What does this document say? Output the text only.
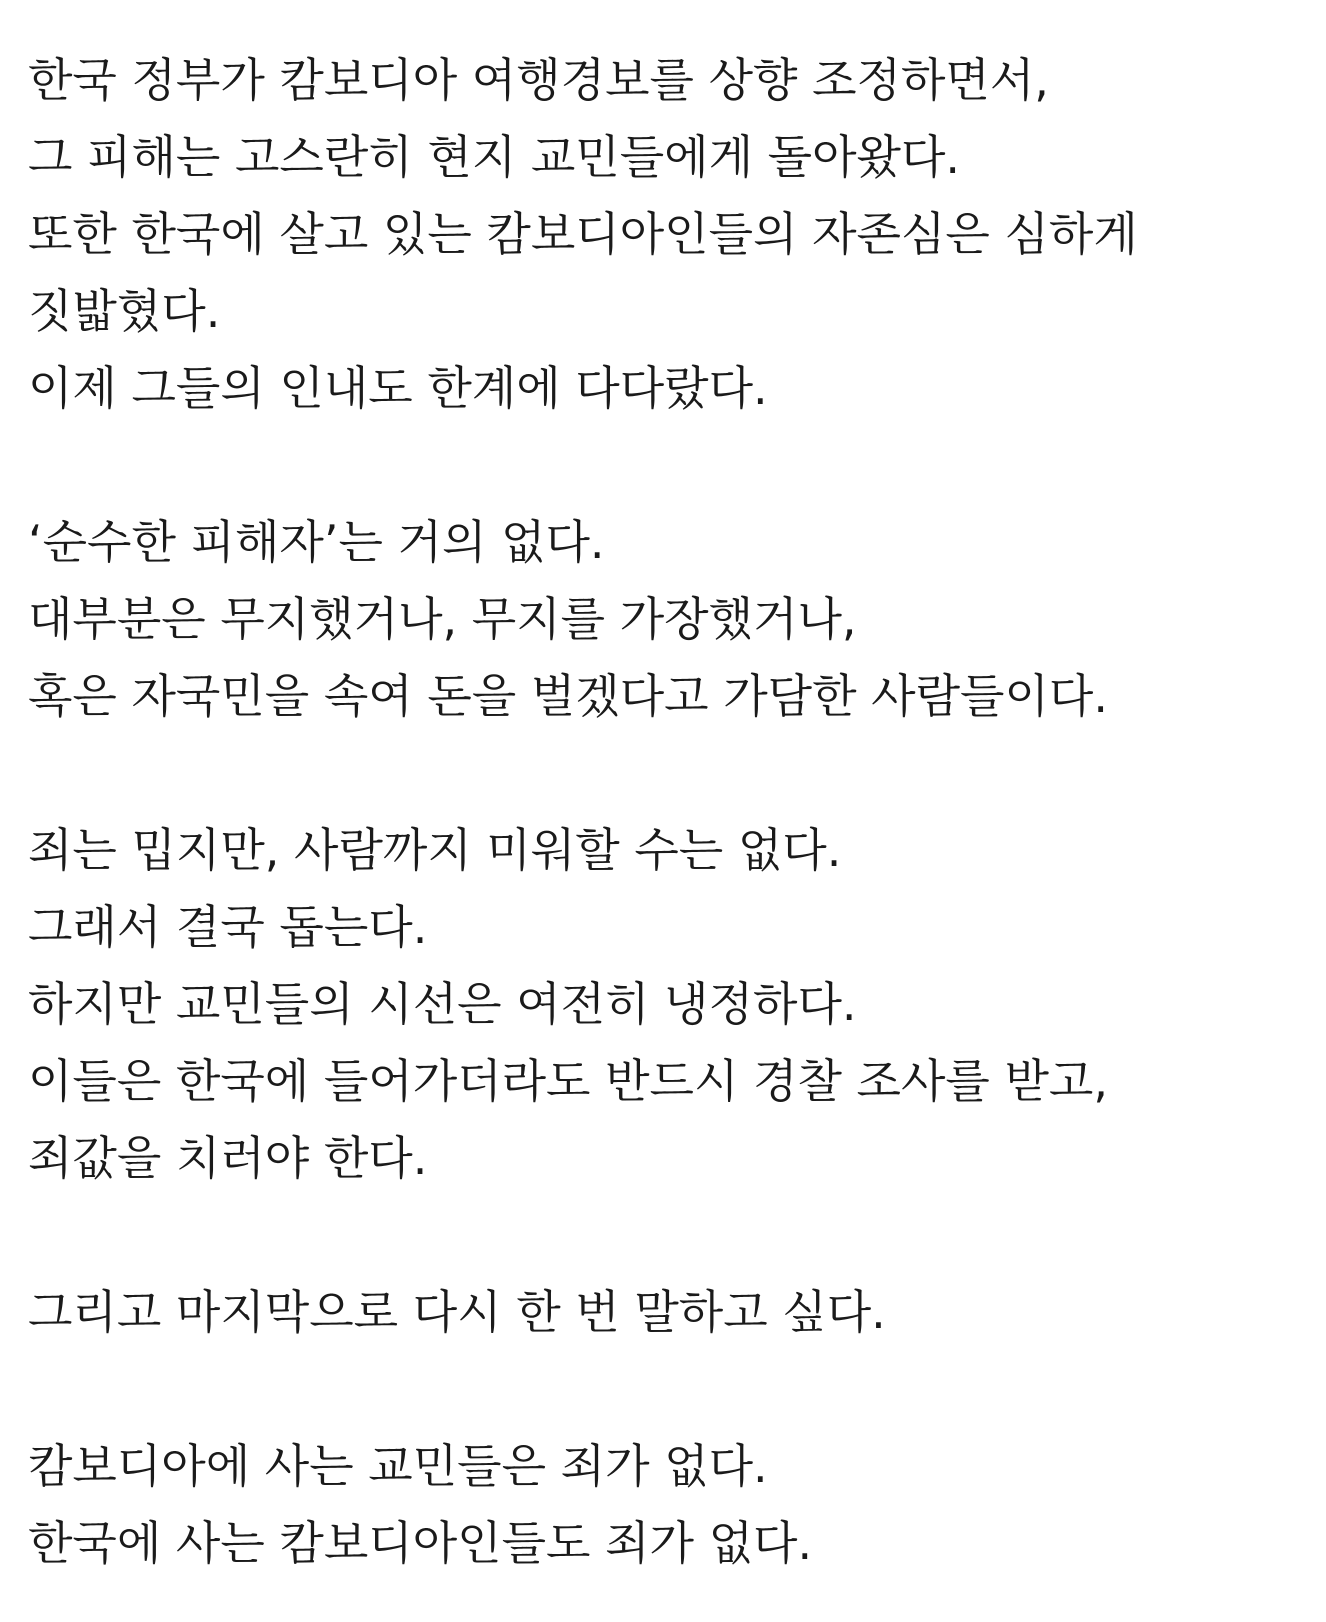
한국 정부가 캄보디아 여행경보를 상향 조정하면서,
그 피해는 고스란히 현지 교민들에게 돌아왔다.
또한 한국에 살고 있는 캄보디아인들의 자존심은 심하게
짓밟혔다.
이제 그들의 인내도 한계에 다다랐다.
‘순수한 피해자’는 거의 없다.
대부분은 무지했거나, 무지를 가장했거나,
혹은 자국민을 속여 돈을 벌겠다고 가담한 사람들이다.
죄는 밉지만, 사람까지 미워할 수는 없다.
그래서 결국 돕는다.
하지만 교민들의 시선은 여전히 냉정하다.
이들은 한국에 들어가더라도 반드시 경찰 조사를 받고,
죄값을 치러야 한다.
그리고 마지막으로 다시 한 번 말하고 싶다.
캄보디아에 사는 교민들은 죄가 없다.
한국에 사는 캄보디아인들도 죄가 없다.
